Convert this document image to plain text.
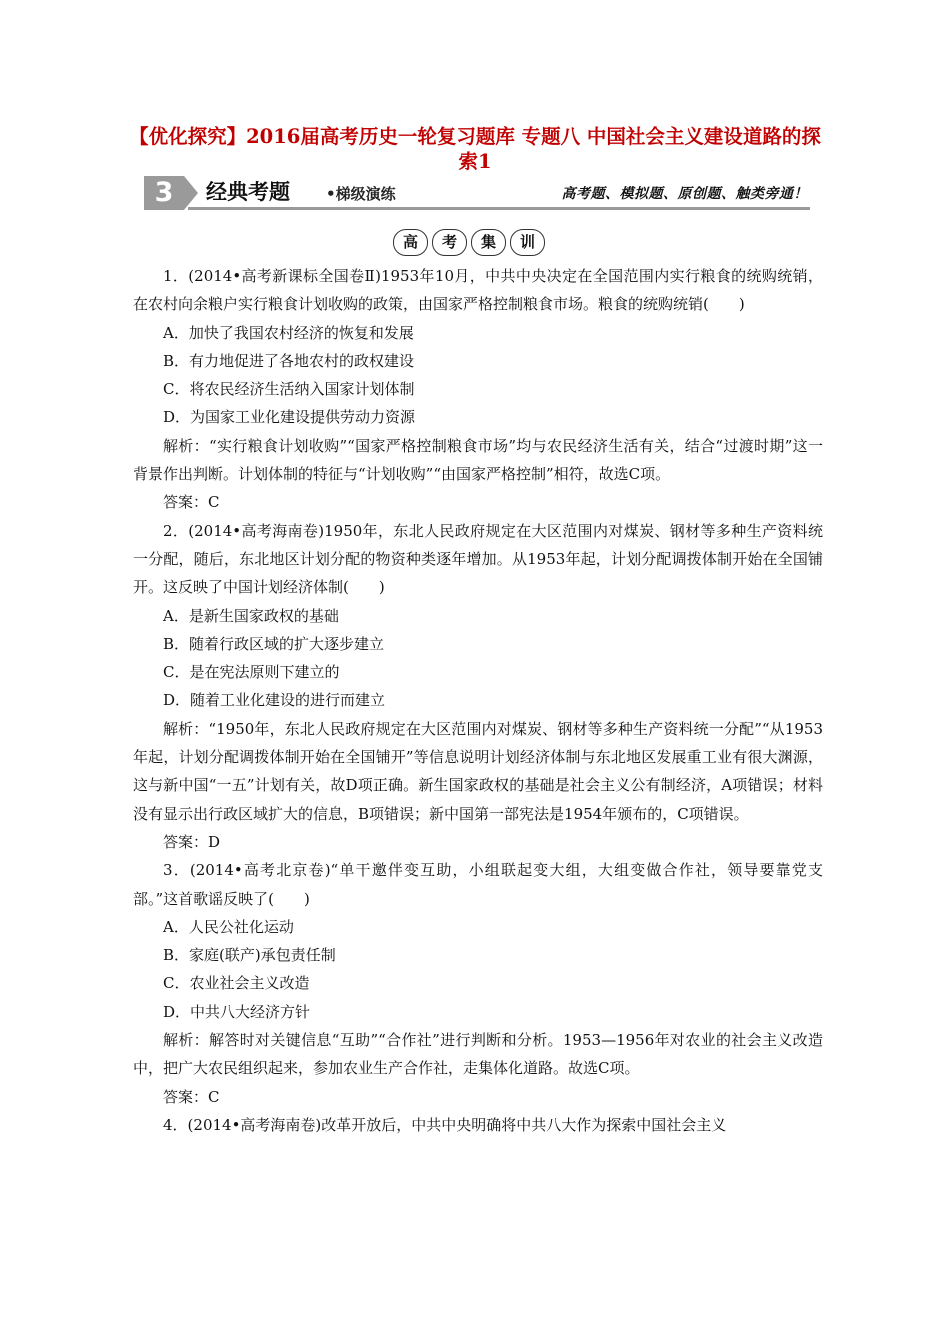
【优化探究】2016届高考历史一轮复习题库 专题八 中国社会主义建设道路的探索1
3	经典考题 •梯级演练	高考题、模拟题、原创题、触类旁通！
高	考	集	训

1．(2014•高考新课标全国卷Ⅱ)1953年10月，中共中央决定在全国范围内实行粮食的统购统销，在农村向余粮户实行粮食计划收购的政策，由国家严格控制粮食市场。粮食的统购统销(　　)

A．加快了我国农村经济的恢复和发展

B．有力地促进了各地农村的政权建设

C．将农民经济生活纳入国家计划体制

D．为国家工业化建设提供劳动力资源

解析：“实行粮食计划收购”“国家严格控制粮食市场”均与农民经济生活有关，结合“过渡时期”这一背景作出判断。计划体制的特征与“计划收购”“由国家严格控制”相符，故选C项。

答案：C

2．(2014•高考海南卷)1950年，东北人民政府规定在大区范围内对煤炭、钢材等多种生产资料统一分配，随后，东北地区计划分配的物资种类逐年增加。从1953年起，计划分配调拨体制开始在全国铺开。这反映了中国计划经济体制(　　)

A．是新生国家政权的基础

B．随着行政区域的扩大逐步建立

C．是在宪法原则下建立的

D．随着工业化建设的进行而建立

解析：“1950年，东北人民政府规定在大区范围内对煤炭、钢材等多种生产资料统一分配”“从1953年起，计划分配调拨体制开始在全国铺开”等信息说明计划经济体制与东北地区发展重工业有很大渊源，这与新中国“一五”计划有关，故D项正确。新生国家政权的基础是社会主义公有制经济，A项错误；材料没有显示出行政区域扩大的信息，B项错误；新中国第一部宪法是1954年颁布的，C项错误。

答案：D

3．(2014•高考北京卷)“单干邀伴变互助，小组联起变大组，大组变做合作社，领导要靠党支部。”这首歌谣反映了(　　)

A．人民公社化运动

B．家庭(联产)承包责任制

C．农业社会主义改造

D．中共八大经济方针

解析：解答时对关键信息“互助”“合作社”进行判断和分析。1953—1956年对农业的社会主义改造中，把广大农民组织起来，参加农业生产合作社，走集体化道路。故选C项。

答案：C

4．(2014•高考海南卷)改革开放后，中共中央明确将中共八大作为探索中国社会主义
